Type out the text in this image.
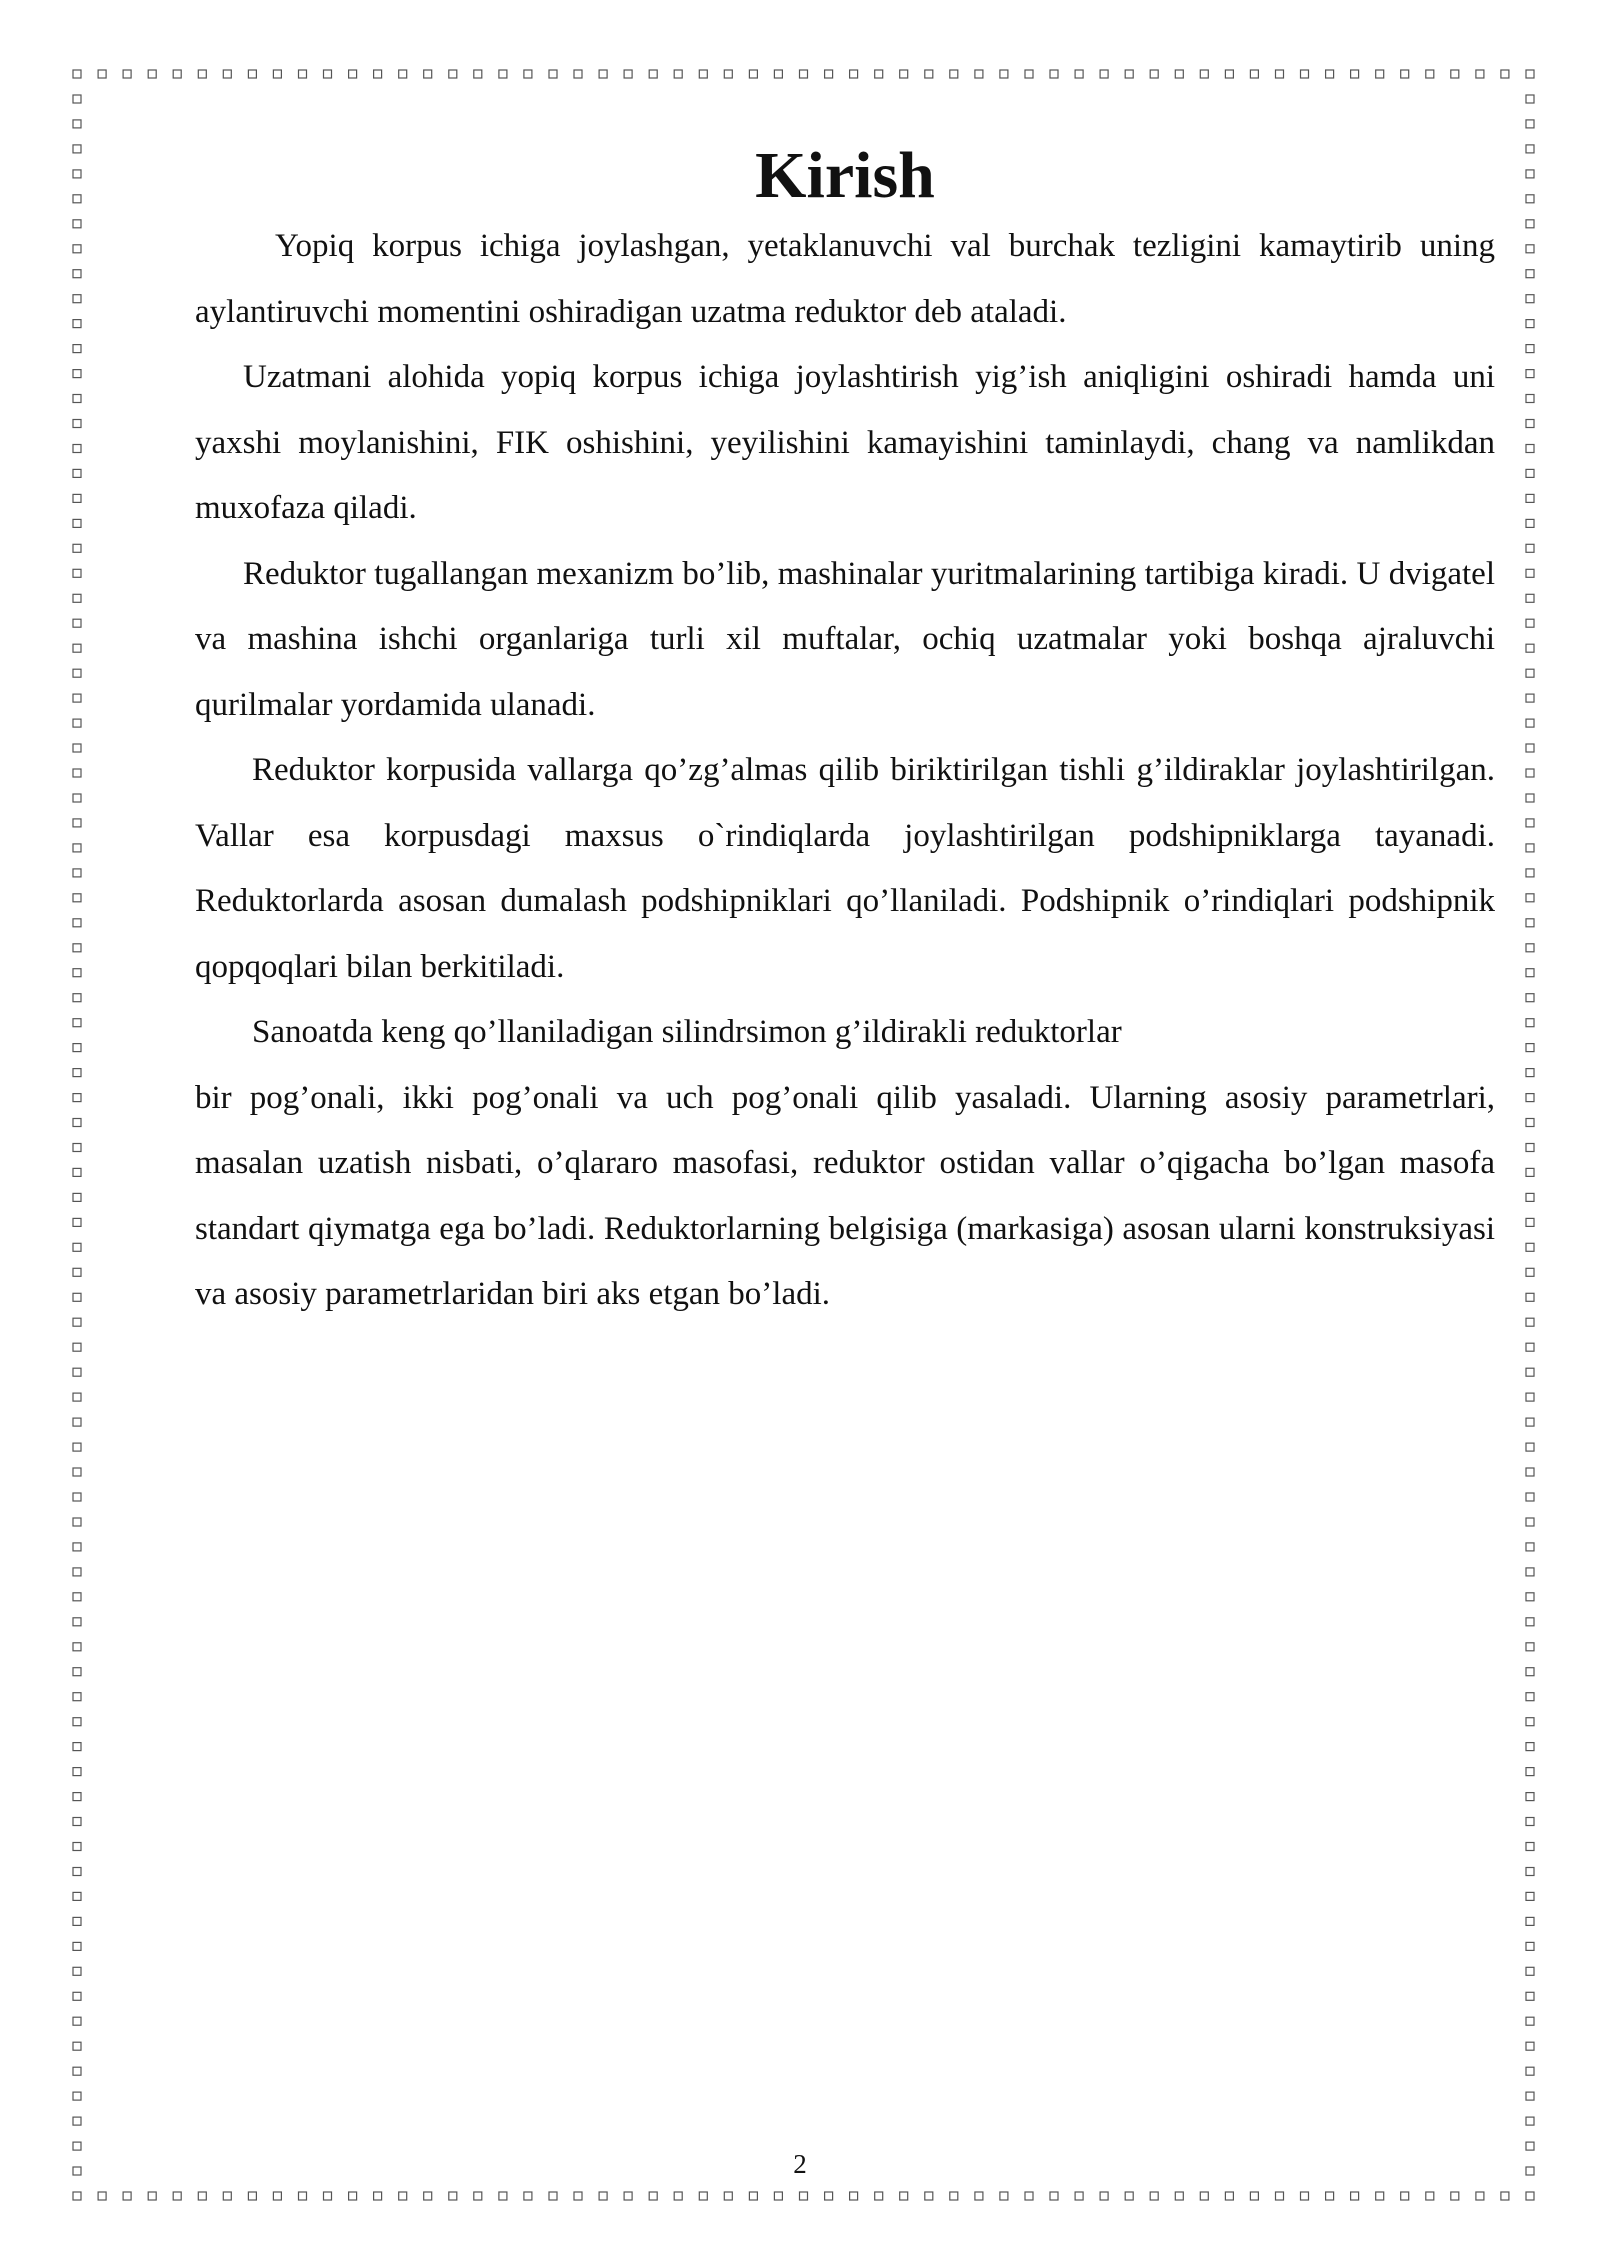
Kirish

Yopiq korpus ichiga joylashgan, yetaklanuvchi val burchak tezligini kamaytirib uning aylantiruvchi momentini oshiradigan uzatma reduktor deb ataladi.

Uzatmani alohida yopiq korpus ichiga joylashtirish yig’ish aniqligini oshiradi hamda uni yaxshi moylanishini, FIK oshishini, yeyilishini kamayishini taminlaydi, chang va namlikdan muxofaza qiladi.

Reduktor tugallangan mexanizm bo’lib, mashinalar yuritmalarining tartibiga kiradi. U dvigatel va mashina ishchi organlariga turli xil muftalar, ochiq uzatmalar yoki boshqa ajraluvchi qurilmalar yordamida ulanadi.

Reduktor korpusida vallarga qo’zg’almas qilib biriktirilgan tishli g’ildiraklar joylashtirilgan. Vallar esa korpusdagi maxsus o`rindiqlarda joylashtirilgan podshipniklarga tayanadi. Reduktorlarda asosan dumalash podshipniklari qo’llaniladi. Podshipnik o’rindiqlari podshipnik qopqoqlari bilan berkitiladi.

Sanoatda keng qo’llaniladigan silindrsimon g’ildirakli reduktorlar

bir pog’onali, ikki pog’onali va uch pog’onali qilib yasaladi. Ularning asosiy parametrlari, masalan uzatish nisbati, o’qlararo masofasi, reduktor ostidan vallar o’qigacha bo’lgan masofa standart qiymatga ega bo’ladi. Reduktorlarning belgisiga (markasiga) asosan ularni konstruksiyasi va asosiy parametrlaridan biri aks etgan bo’ladi.

2
